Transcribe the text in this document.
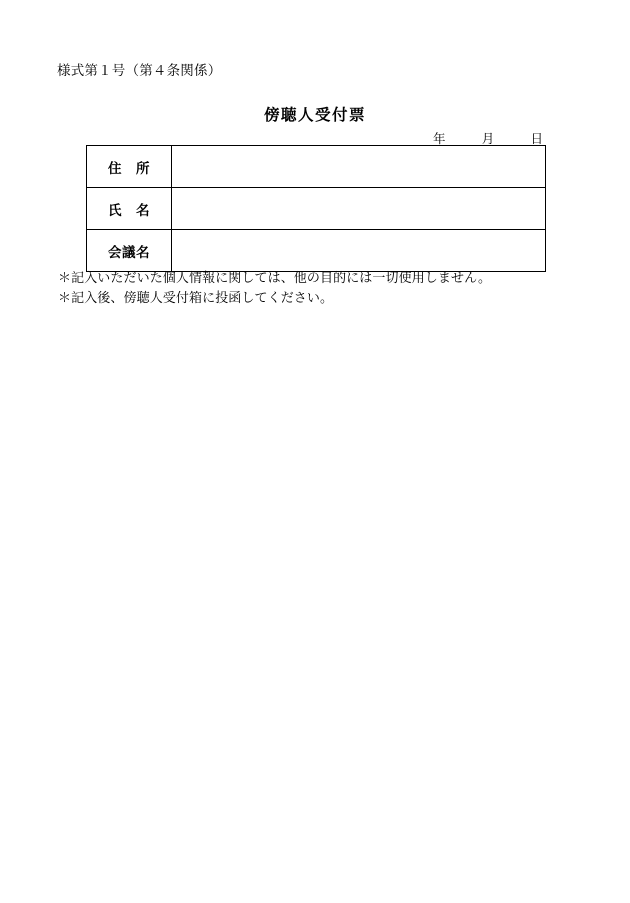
様式第１号（第４条関係）
傍聴人受付票
年	月	日
住　所	
氏　名	
会議名	
＊記入いただいた個人情報に関しては、他の目的には一切使用しません。
＊記入後、傍聴人受付箱に投函してください。
